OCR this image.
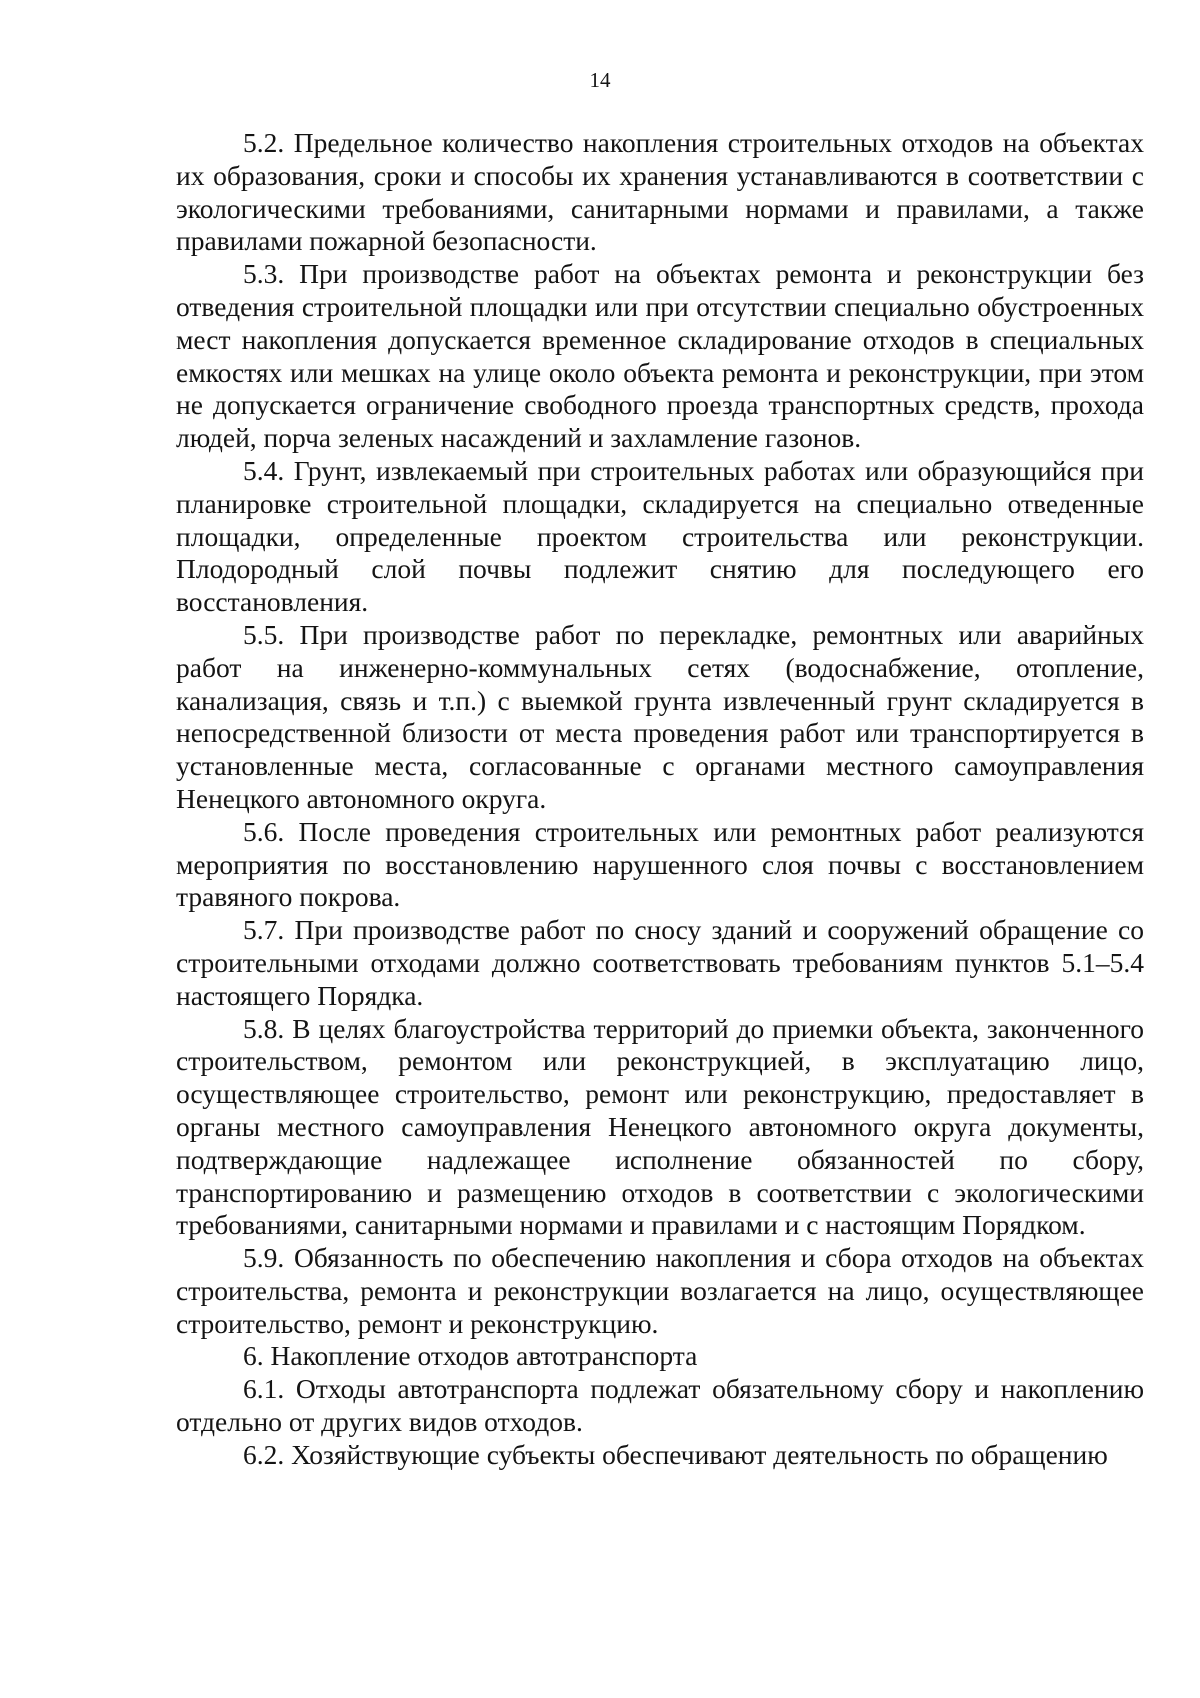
14

5.2. Предельное количество накопления строительных отходов на объектах их образования, сроки и способы их хранения устанавливаются в соответствии с экологическими требованиями, санитарными нормами и правилами, а также правилами пожарной безопасности.

5.3. При производстве работ на объектах ремонта и реконструкции без отведения строительной площадки или при отсутствии специально обустроенных мест накопления допускается временное складирование отходов в специальных емкостях или мешках на улице около объекта ремонта и реконструкции, при этом не допускается ограничение свободного проезда транспортных средств, прохода людей, порча зеленых насаждений и захламление газонов.

5.4. Грунт, извлекаемый при строительных работах или образующийся при планировке строительной площадки, складируется на специально отведенные площадки, определенные проектом строительства или реконструкции. Плодородный слой почвы подлежит снятию для последующего его восстановления.

5.5. При производстве работ по перекладке, ремонтных или аварийных работ на инженерно-коммунальных сетях (водоснабжение, отопление, канализация, связь и т.п.) с выемкой грунта извлеченный грунт складируется в непосредственной близости от места проведения работ или транспортируется в установленные места, согласованные с органами местного самоуправления Ненецкого автономного округа.

5.6. После проведения строительных или ремонтных работ реализуются мероприятия по восстановлению нарушенного слоя почвы с восстановлением травяного покрова.

5.7. При производстве работ по сносу зданий и сооружений обращение со строительными отходами должно соответствовать требованиям пунктов 5.1–5.4 настоящего Порядка.

5.8. В целях благоустройства территорий до приемки объекта, законченного строительством, ремонтом или реконструкцией, в эксплуатацию лицо, осуществляющее строительство, ремонт или реконструкцию, предоставляет в органы местного самоуправления Ненецкого автономного округа документы, подтверждающие надлежащее исполнение обязанностей по сбору, транспортированию и размещению отходов в соответствии с экологическими требованиями, санитарными нормами и правилами и с настоящим Порядком.

5.9. Обязанность по обеспечению накопления и сбора отходов на объектах строительства, ремонта и реконструкции возлагается на лицо, осуществляющее строительство, ремонт и реконструкцию.

6. Накопление отходов автотранспорта

6.1. Отходы автотранспорта подлежат обязательному сбору и накоплению отдельно от других видов отходов.

6.2. Хозяйствующие субъекты обеспечивают деятельность по обращению
